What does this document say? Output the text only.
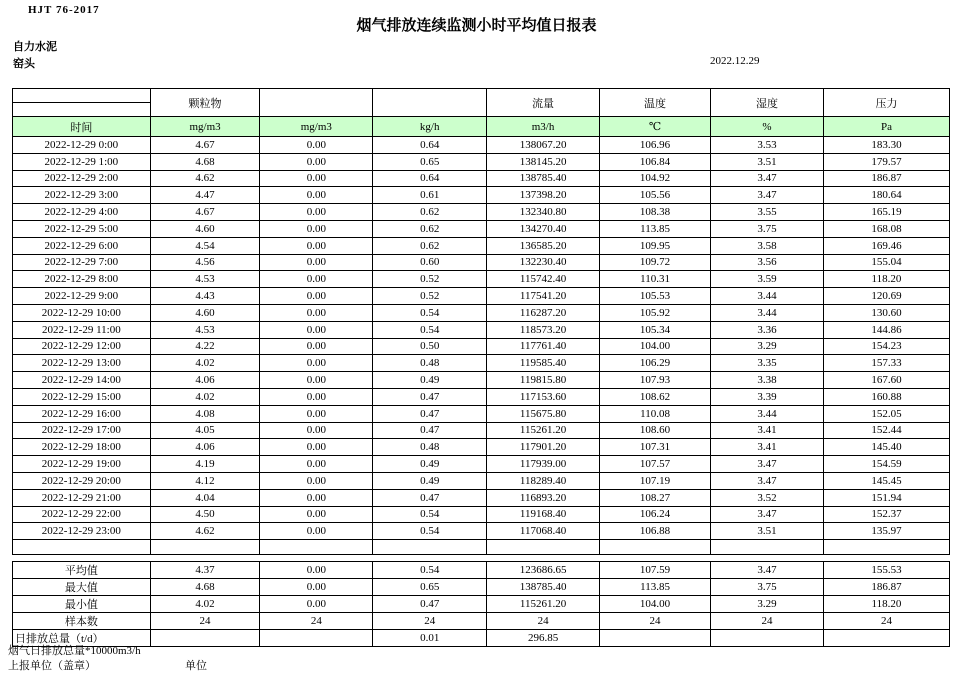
HJT 76-2017
烟气排放连续监测小时平均值日报表
自力水泥
窑头	2022.12.29
	颗粒物			流量	温度	湿度	压力

时间	mg/m3	mg/m3	kg/h	m3/h	℃	%	Pa
2022-12-29 0:00	4.67	0.00	0.64	138067.20	106.96	3.53	183.30
2022-12-29 1:00	4.68	0.00	0.65	138145.20	106.84	3.51	179.57
2022-12-29 2:00	4.62	0.00	0.64	138785.40	104.92	3.47	186.87
2022-12-29 3:00	4.47	0.00	0.61	137398.20	105.56	3.47	180.64
2022-12-29 4:00	4.67	0.00	0.62	132340.80	108.38	3.55	165.19
2022-12-29 5:00	4.60	0.00	0.62	134270.40	113.85	3.75	168.08
2022-12-29 6:00	4.54	0.00	0.62	136585.20	109.95	3.58	169.46
2022-12-29 7:00	4.56	0.00	0.60	132230.40	109.72	3.56	155.04
2022-12-29 8:00	4.53	0.00	0.52	115742.40	110.31	3.59	118.20
2022-12-29 9:00	4.43	0.00	0.52	117541.20	105.53	3.44	120.69
2022-12-29 10:00	4.60	0.00	0.54	116287.20	105.92	3.44	130.60
2022-12-29 11:00	4.53	0.00	0.54	118573.20	105.34	3.36	144.86
2022-12-29 12:00	4.22	0.00	0.50	117761.40	104.00	3.29	154.23
2022-12-29 13:00	4.02	0.00	0.48	119585.40	106.29	3.35	157.33
2022-12-29 14:00	4.06	0.00	0.49	119815.80	107.93	3.38	167.60
2022-12-29 15:00	4.02	0.00	0.47	117153.60	108.62	3.39	160.88
2022-12-29 16:00	4.08	0.00	0.47	115675.80	110.08	3.44	152.05
2022-12-29 17:00	4.05	0.00	0.47	115261.20	108.60	3.41	152.44
2022-12-29 18:00	4.06	0.00	0.48	117901.20	107.31	3.41	145.40
2022-12-29 19:00	4.19	0.00	0.49	117939.00	107.57	3.47	154.59
2022-12-29 20:00	4.12	0.00	0.49	118289.40	107.19	3.47	145.45
2022-12-29 21:00	4.04	0.00	0.47	116893.20	108.27	3.52	151.94
2022-12-29 22:00	4.50	0.00	0.54	119168.40	106.24	3.47	152.37
2022-12-29 23:00	4.62	0.00	0.54	117068.40	106.88	3.51	135.97

平均值	4.37	0.00	0.54	123686.65	107.59	3.47	155.53
最大值	4.68	0.00	0.65	138785.40	113.85	3.75	186.87
最小值	4.02	0.00	0.47	115261.20	104.00	3.29	118.20
样本数	24	24	24	24	24	24	24
日排放总量（t/d）			0.01	296.85			
烟气日排放总量*10000m3/h
上报单位（盖章）	单位
